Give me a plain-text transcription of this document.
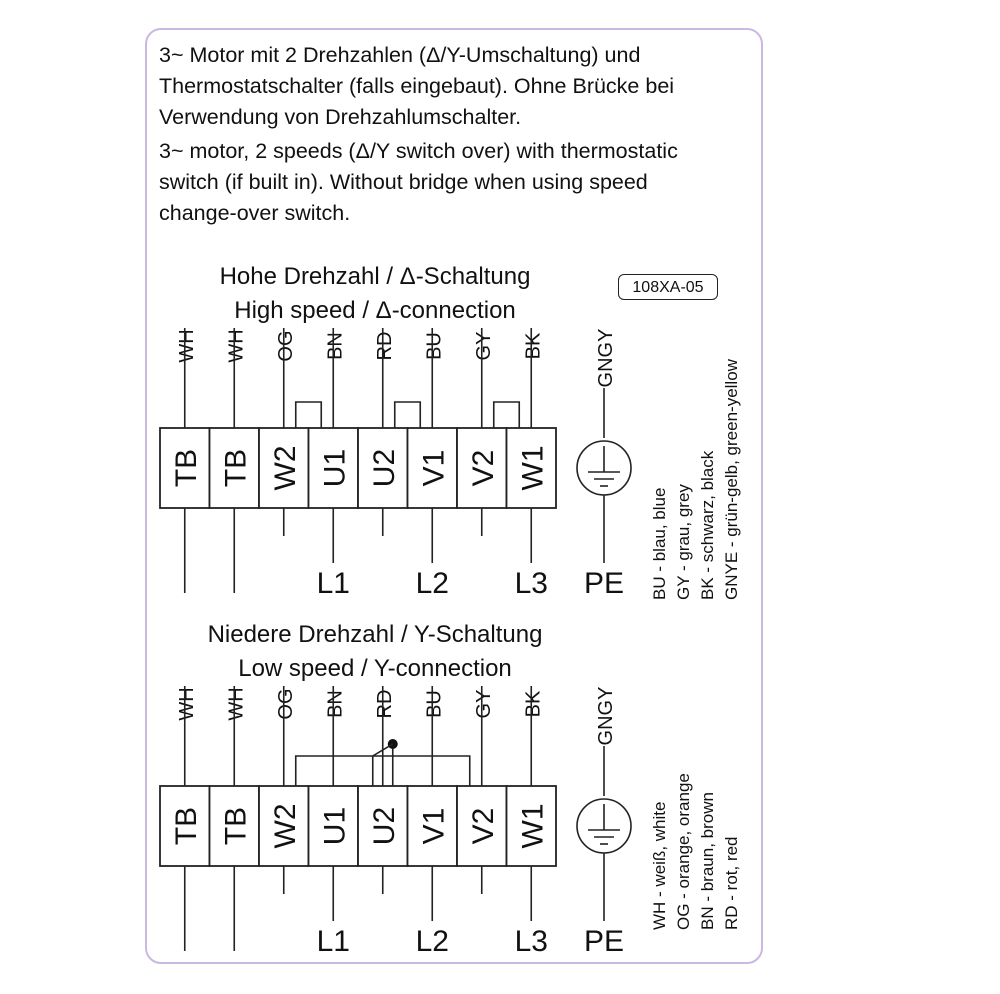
3~ Motor mit 2 Drehzahlen (Δ/Y-Umschaltung) und
Thermostatschalter (falls eingebaut). Ohne Brücke bei
Verwendung von Drehzahlumschalter.

3~ motor, 2 speeds (Δ/Y switch over) with thermostatic
switch (if built in). Without bridge when using speed
change-over switch.

Hohe Drehzahl / Δ-Schaltung
High speed / Δ-connection
108XA-05
Niedere Drehzahl / Y-Schaltung
Low speed / Y-connection
WH WH OG BN RD BU GY BK
TB TB W2 U1 U2 V1 V2 W1
L1 L2 L3
GNGY
PE
WH WH OG BN RD BU GY BK
TB TB W2 U1 U2 V1 V2 W1
L1 L2 L3
GNGY
PE
BU - blau, blue GY - grau, grey BK - schwarz, black GNYE - grün-gelb, green-yellow
WH - weiß, white OG - orange, orange BN - braun, brown RD - rot, red
